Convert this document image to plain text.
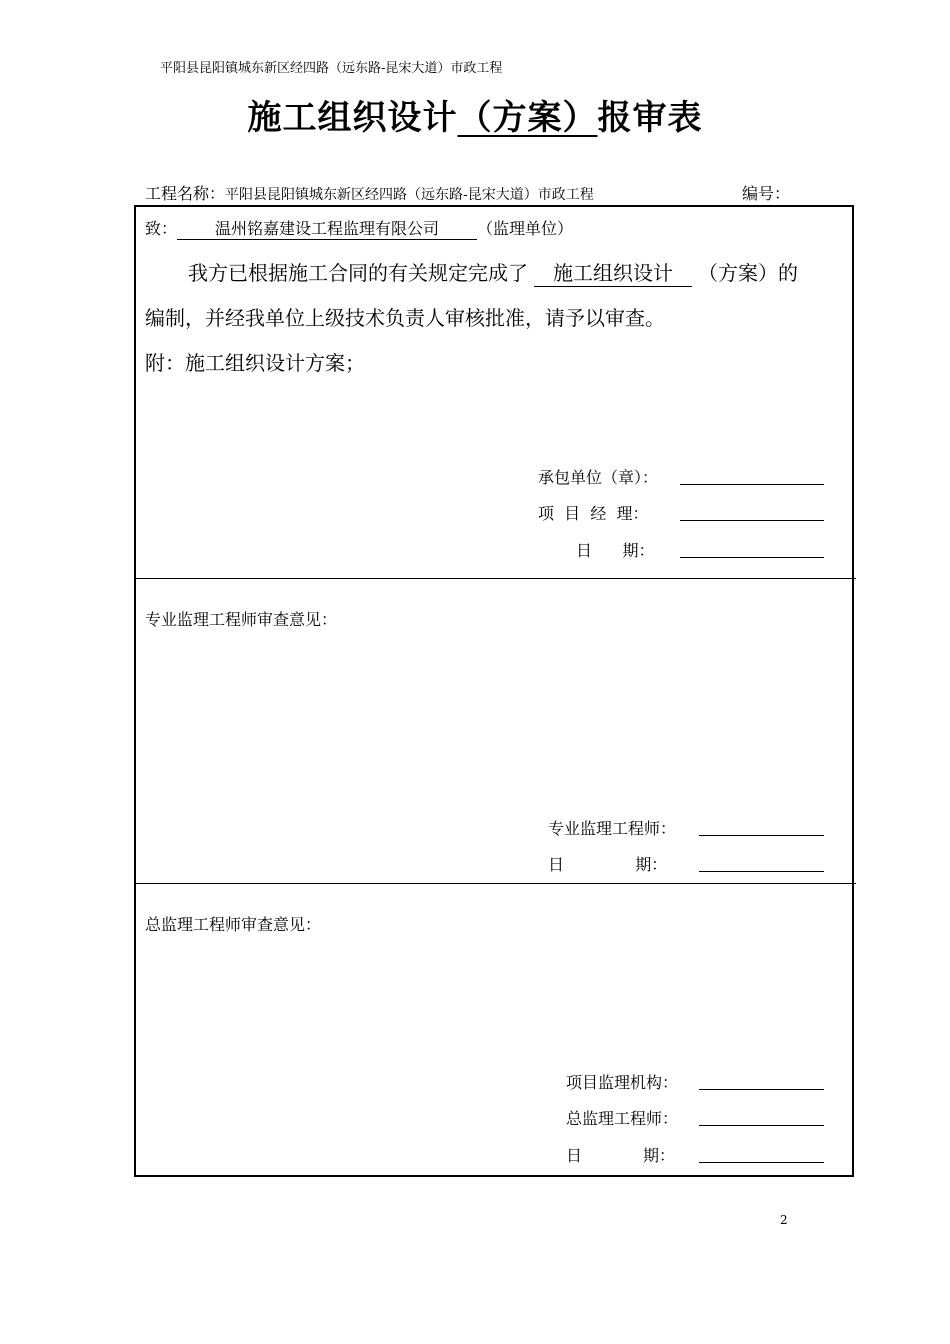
平阳县昆阳镇城东新区经四路（远东路-昆宋大道）市政工程
施工组织设计（方案）报审表
工程名称：平阳县昆阳镇城东新区经四路（远东路-昆宋大道）市政工程	编号：
致： 温州铭嘉建设工程监理有限公司 （监理单位）
我方已根据施工合同的有关规定完成了 施工组织设计 （方案）的
编制，并经我单位上级技术负责人审核批准，请予以审查。
附：施工组织设计方案；
承包单位（章）：
项  目  经  理：
日      期：
专业监理工程师审查意见：
专业监理工程师：
日              期：
总监理工程师审查意见：
项目监理机构：
总监理工程师：
日            期：
2
